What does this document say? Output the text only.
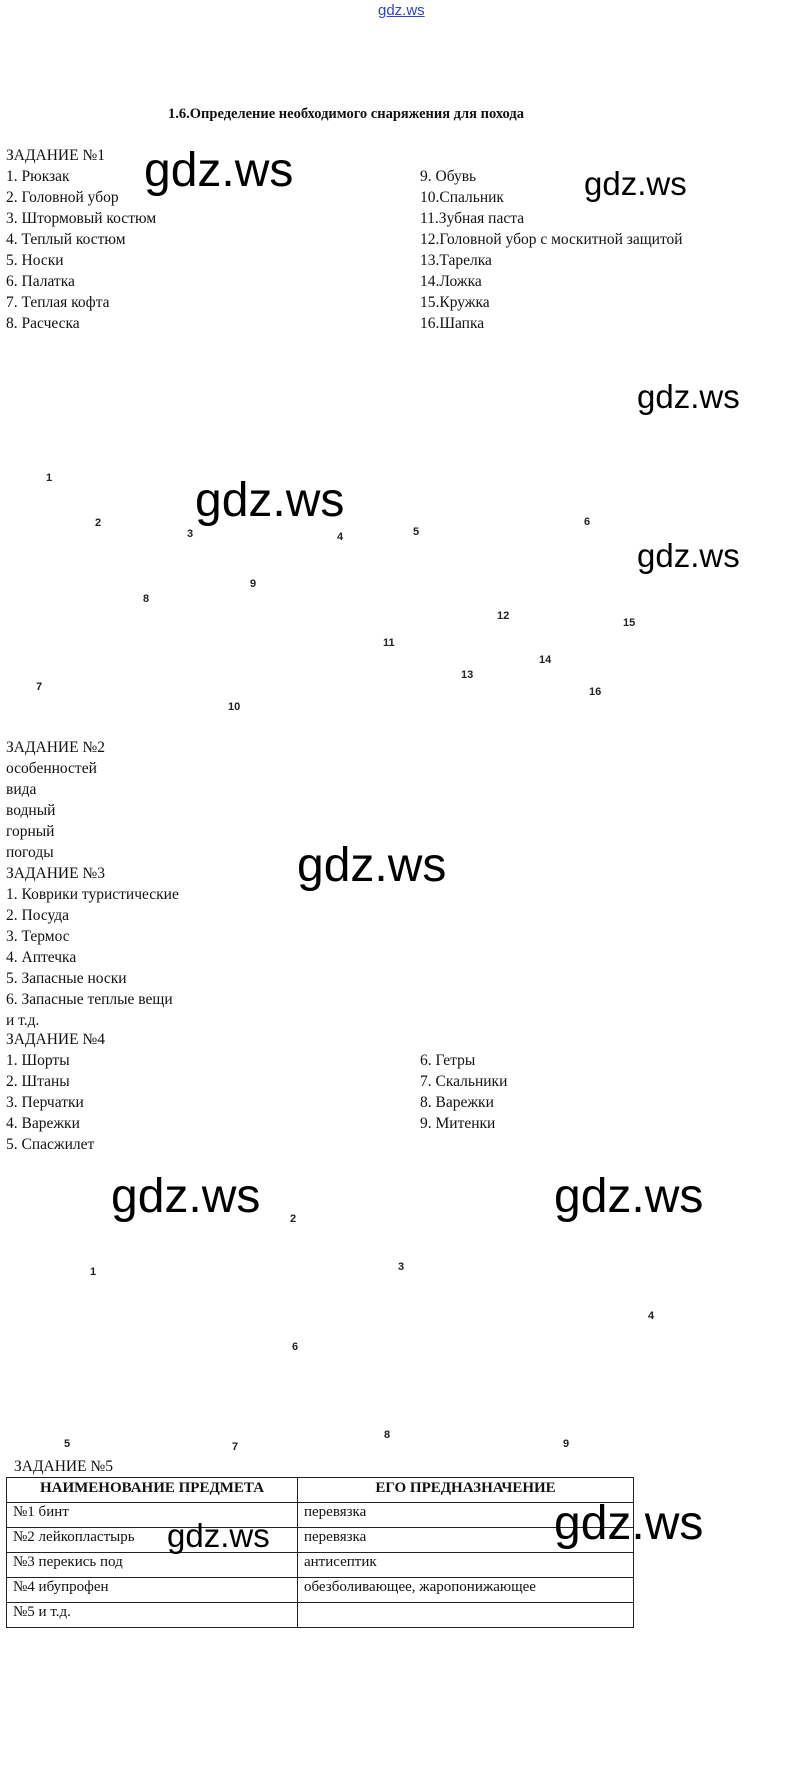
gdz.ws
1.6.Определение необходимого снаряжения для похода
ЗАДАНИЕ №1
1. Рюкзак
2. Головной убор
3. Штормовый костюм
4. Теплый костюм
5. Носки
6. Палатка
7. Теплая кофта
8. Расческа
9. Обувь
10.Спальник
11.Зубная паста
12.Головной убор с москитной защитой
13.Тарелка
14.Ложка
15.Кружка
16.Шапка
1
2
3	4	5
6
7
8
9
10
11
12
13
14
15
16
ЗАДАНИЕ №2
особенностей
вида
водный
горный
погоды
ЗАДАНИЕ №3
1. Коврики туристические
2. Посуда
3. Термос
4. Аптечка
5. Запасные носки
6. Запасные теплые вещи
и т.д.
ЗАДАНИЕ №4
1. Шорты
2. Штаны
3. Перчатки
4. Варежки
5. Спасжилет
6. Гетры
7. Скальники
8. Варежки
9. Митенки
1
2
3
4
5
6
7
8
9
ЗАДАНИЕ №5
НАИМЕНОВАНИЕ ПРЕДМЕТА	ЕГО ПРЕДНАЗНАЧЕНИЕ
№1 бинт	перевязка
№2 лейкопластырь	перевязка
№3 перекись под	антисептик
№4 ибупрофен	обезболивающее, жаропонижающее
№5 и т.д.	
gdz.ws	gdz.ws
gdz.ws
gdz.ws
gdz.ws
gdz.ws
gdz.ws	gdz.ws
gdz.ws	gdz.ws
